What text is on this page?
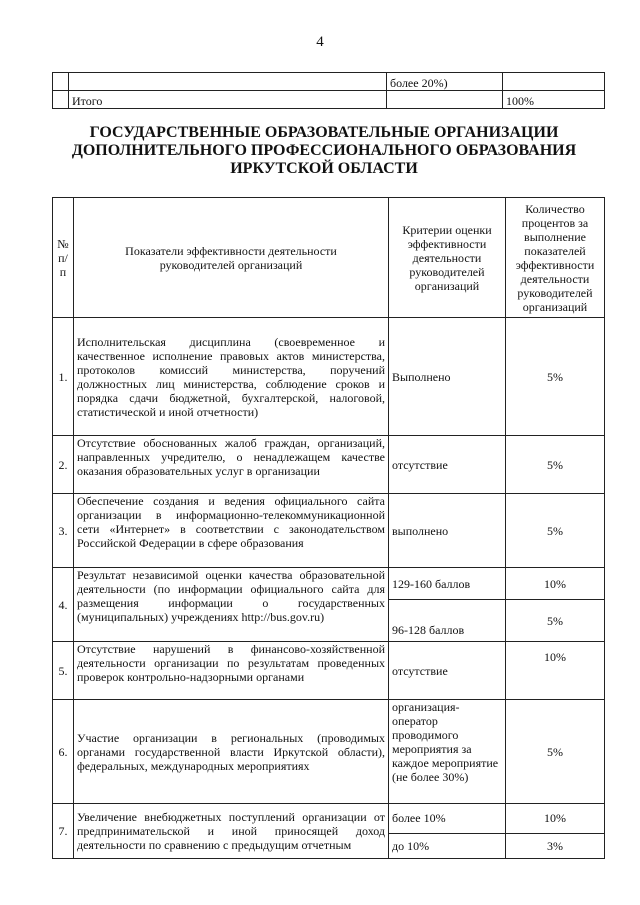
4
		более 20%)	
	Итого		100%
ГОСУДАРСТВЕННЫЕ ОБРАЗОВАТЕЛЬНЫЕ ОРГАНИЗАЦИИ
ДОПОЛНИТЕЛЬНОГО ПРОФЕССИОНАЛЬНОГО ОБРАЗОВАНИЯ
ИРКУТСКОЙ ОБЛАСТИ
№ п/п	Показатели эффективности деятельности руководителей организаций	Критерии оценки эффективности деятельности руководителей организаций	Количество процентов за выполнение показателей эффективности деятельности руководителей организаций
1.	Исполнительская дисциплина (своевременное и качественное исполнение правовых актов министерства, протоколов комиссий министерства, поручений должностных лиц министерства, соблюдение сроков и порядка сдачи бюджетной, бухгалтерской, налоговой, статистической и иной отчетности)	Выполнено	5%
2.	Отсутствие обоснованных жалоб граждан, организаций, направленных учредителю, о ненадлежащем качестве оказания образовательных услуг в организации	отсутствие	5%
3.	Обеспечение создания и ведения официального сайта организации в информационно-телекоммуникационной сети «Интернет» в соответствии с законодательством Российской Федерации в сфере образования	выполнено	5%
4.	Результат независимой оценки качества образовательной деятельности (по информации официального сайта для размещения информации о государственных (муниципальных) учреждениях http://bus.gov.ru)	129-160 баллов	10%
		96-128 баллов	5%
5.	Отсутствие нарушений в финансово-хозяйственной деятельности организации по результатам проведенных проверок контрольно-надзорными органами	отсутствие	10%
6.	Участие организации в региональных (проводимых органами государственной власти Иркутской области), федеральных, международных мероприятиях	организация-оператор проводимого мероприятия за каждое мероприятие (не более 30%)	5%
7.	Увеличение внебюджетных поступлений организации от предпринимательской и иной приносящей доход деятельности по сравнению с предыдущим отчетным	более 10%	10%
		до 10%	3%
